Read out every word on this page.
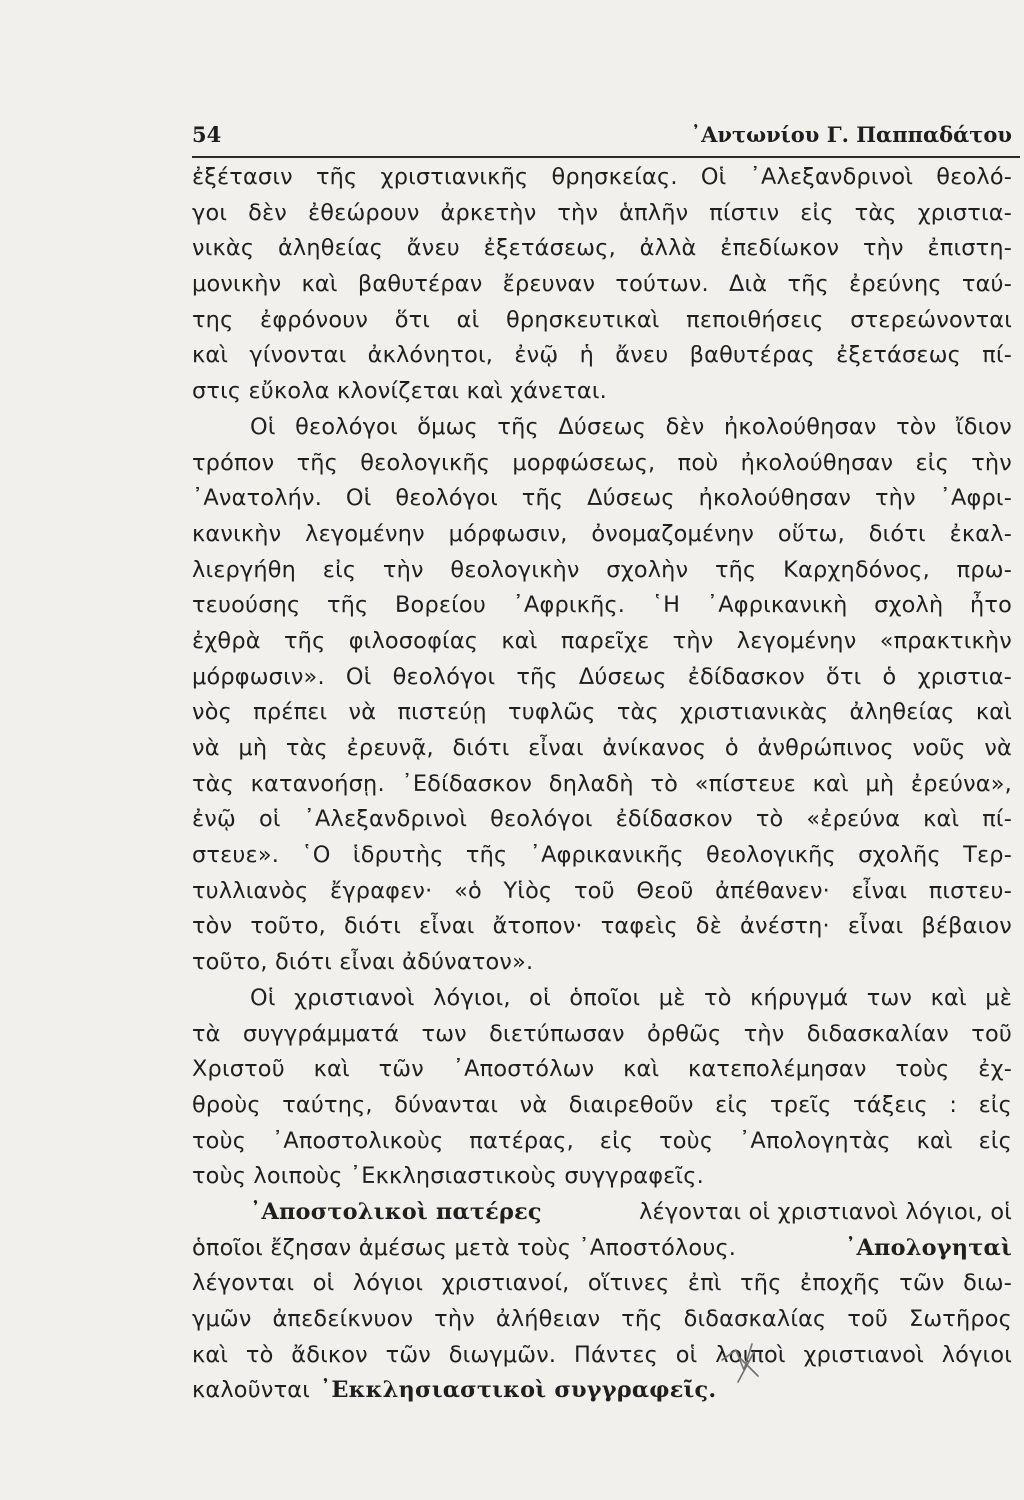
54	᾿Αντωνίου Γ. Παππαδάτου
ἐξέτασιν τῆς χριστιανικῆς θρησκείας. Οἱ ᾿Αλεξανδρινοὶ θεολό-
γοι δὲν ἐθεώρουν ἀρκετὴν τὴν ἁπλῆν πίστιν εἰς τὰς χριστια-
νικὰς ἀληθείας ἄνευ ἐξετάσεως, ἀλλὰ ἐπεδίωκον τὴν ἐπιστη-
μονικὴν καὶ βαθυτέραν ἔρευναν τούτων. Διὰ τῆς ἐρεύνης ταύ-
της ἐφρόνουν ὅτι αἱ θρησκευτικαὶ πεποιθήσεις στερεώνονται
καὶ γίνονται ἀκλόνητοι, ἐνῷ ἡ ἄνευ βαθυτέρας ἐξετάσεως πί-
στις εὔκολα κλονίζεται καὶ χάνεται.
Οἱ θεολόγοι ὅμως τῆς Δύσεως δὲν ἠκολούθησαν τὸν ἴδιον
τρόπον τῆς θεολογικῆς μορφώσεως, ποὺ ἠκολούθησαν εἰς τὴν
᾿Ανατολήν. Οἱ θεολόγοι τῆς Δύσεως ἠκολούθησαν τὴν ᾿Αφρι-
κανικὴν λεγομένην μόρφωσιν, ὀνομαζομένην οὕτω, διότι ἐκαλ-
λιεργήθη εἰς τὴν θεολογικὴν σχολὴν τῆς Καρχηδόνος, πρω-
τευούσης τῆς Βορείου ᾿Αφρικῆς. ῾Η ᾿Αφρικανικὴ σχολὴ ἦτο
ἐχθρὰ τῆς φιλοσοφίας καὶ παρεῖχε τὴν λεγομένην «πρακτικὴν
μόρφωσιν». Οἱ θεολόγοι τῆς Δύσεως ἐδίδασκον ὅτι ὁ χριστια-
νὸς πρέπει νὰ πιστεύῃ τυφλῶς τὰς χριστιανικὰς ἀληθείας καὶ
νὰ μὴ τὰς ἐρευνᾷ, διότι εἶναι ἀνίκανος ὁ ἀνθρώπινος νοῦς νὰ
τὰς κατανοήσῃ. ᾿Εδίδασκον δηλαδὴ τὸ «πίστευε καὶ μὴ ἐρεύνα»,
ἐνῷ οἱ ᾿Αλεξανδρινοὶ θεολόγοι ἐδίδασκον τὸ «ἐρεύνα καὶ πί-
στευε». ῾Ο ἱδρυτὴς τῆς ᾿Αφρικανικῆς θεολογικῆς σχολῆς Τερ-
τυλλιανὸς ἔγραφεν· «ὁ Υἱὸς τοῦ Θεοῦ ἀπέθανεν· εἶναι πιστευ-
τὸν τοῦτο, διότι εἶναι ἄτοπον· ταφεὶς δὲ ἀνέστη· εἶναι βέβαιον
τοῦτο, διότι εἶναι ἀδύνατον».
Οἱ χριστιανοὶ λόγιοι, οἱ ὁποῖοι μὲ τὸ κήρυγμά των καὶ μὲ
τὰ συγγράμματά των διετύπωσαν ὀρθῶς τὴν διδασκαλίαν τοῦ
Χριστοῦ καὶ τῶν ᾿Αποστόλων καὶ κατεπολέμησαν τοὺς ἐχ-
θροὺς ταύτης, δύνανται νὰ διαιρεθοῦν εἰς τρεῖς τάξεις : εἰς
τοὺς ᾿Αποστολικοὺς πατέρας, εἰς τοὺς ᾿Απολογητὰς καὶ εἰς
τοὺς λοιποὺς ᾿Εκκλησιαστικοὺς συγγραφεῖς.
᾿Αποστολικοὶ πατέρες	λέγονται οἱ χριστιανοὶ λόγιοι, οἱ
ὁποῖοι ἔζησαν ἀμέσως μετὰ τοὺς ᾿Αποστόλους.	᾿Απολογηταὶ
λέγονται οἱ λόγιοι χριστιανοί, οἵτινες ἐπὶ τῆς ἐποχῆς τῶν διω-
γμῶν ἀπεδείκνυον τὴν ἀλήθειαν τῆς διδασκαλίας τοῦ Σωτῆρος
καὶ τὸ ἄδικον τῶν διωγμῶν. Πάντες οἱ λοιποὶ χριστιανοὶ λόγιοι
καλοῦνται ᾿Εκκλησιαστικοὶ συγγραφεῖς.
